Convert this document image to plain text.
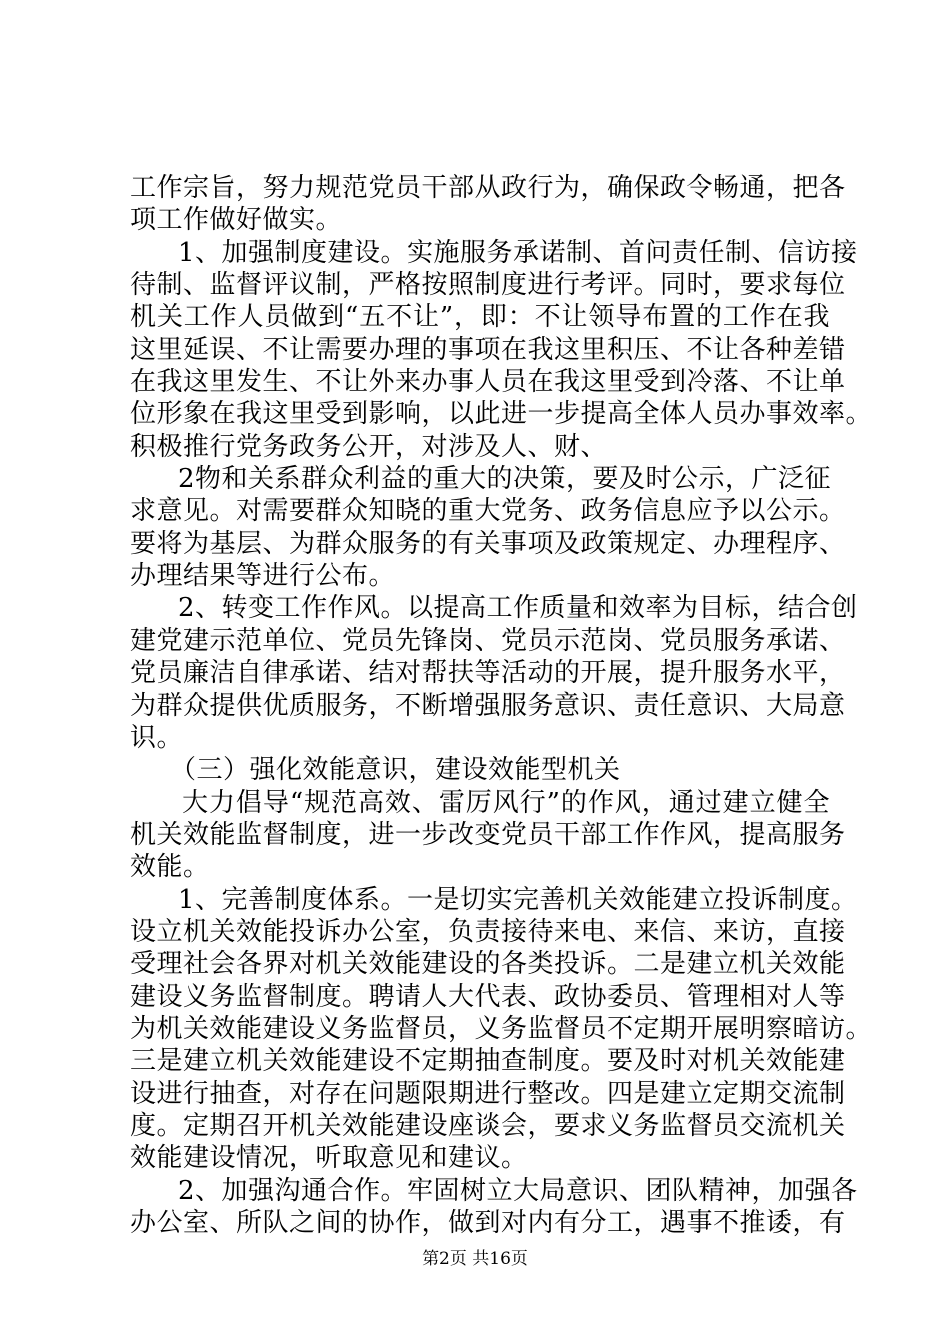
工作宗旨，努力规范党员干部从政行为，确保政令畅通，把各
项工作做好做实。
1、加强制度建设。实施服务承诺制、首问责任制、信访接
待制、监督评议制，严格按照制度进行考评。同时，要求每位
机关工作人员做到“五不让”，即：不让领导布置的工作在我
这里延误、不让需要办理的事项在我这里积压、不让各种差错
在我这里发生、不让外来办事人员在我这里受到冷落、不让单
位形象在我这里受到影响，以此进一步提高全体人员办事效率。
积极推行党务政务公开，对涉及人、财、
2物和关系群众利益的重大的决策，要及时公示，广泛征
求意见。对需要群众知晓的重大党务、政务信息应予以公示。
要将为基层、为群众服务的有关事项及政策规定、办理程序、
办理结果等进行公布。
2、转变工作作风。以提高工作质量和效率为目标，结合创
建党建示范单位、党员先锋岗、党员示范岗、党员服务承诺、
党员廉洁自律承诺、结对帮扶等活动的开展，提升服务水平，
为群众提供优质服务，不断增强服务意识、责任意识、大局意
识。
（三）强化效能意识，建设效能型机关
大力倡导“规范高效、雷厉风行”的作风，通过建立健全
机关效能监督制度，进一步改变党员干部工作作风，提高服务
效能。
1、完善制度体系。一是切实完善机关效能建立投诉制度。
设立机关效能投诉办公室，负责接待来电、来信、来访，直接
受理社会各界对机关效能建设的各类投诉。二是建立机关效能
建设义务监督制度。聘请人大代表、政协委员、管理相对人等
为机关效能建设义务监督员，义务监督员不定期开展明察暗访。
三是建立机关效能建设不定期抽查制度。要及时对机关效能建
设进行抽查，对存在问题限期进行整改。四是建立定期交流制
度。定期召开机关效能建设座谈会，要求义务监督员交流机关
效能建设情况，听取意见和建议。
2、加强沟通合作。牢固树立大局意识、团队精神，加强各
办公室、所队之间的协作，做到对内有分工，遇事不推诿，有
第2页 共16页
